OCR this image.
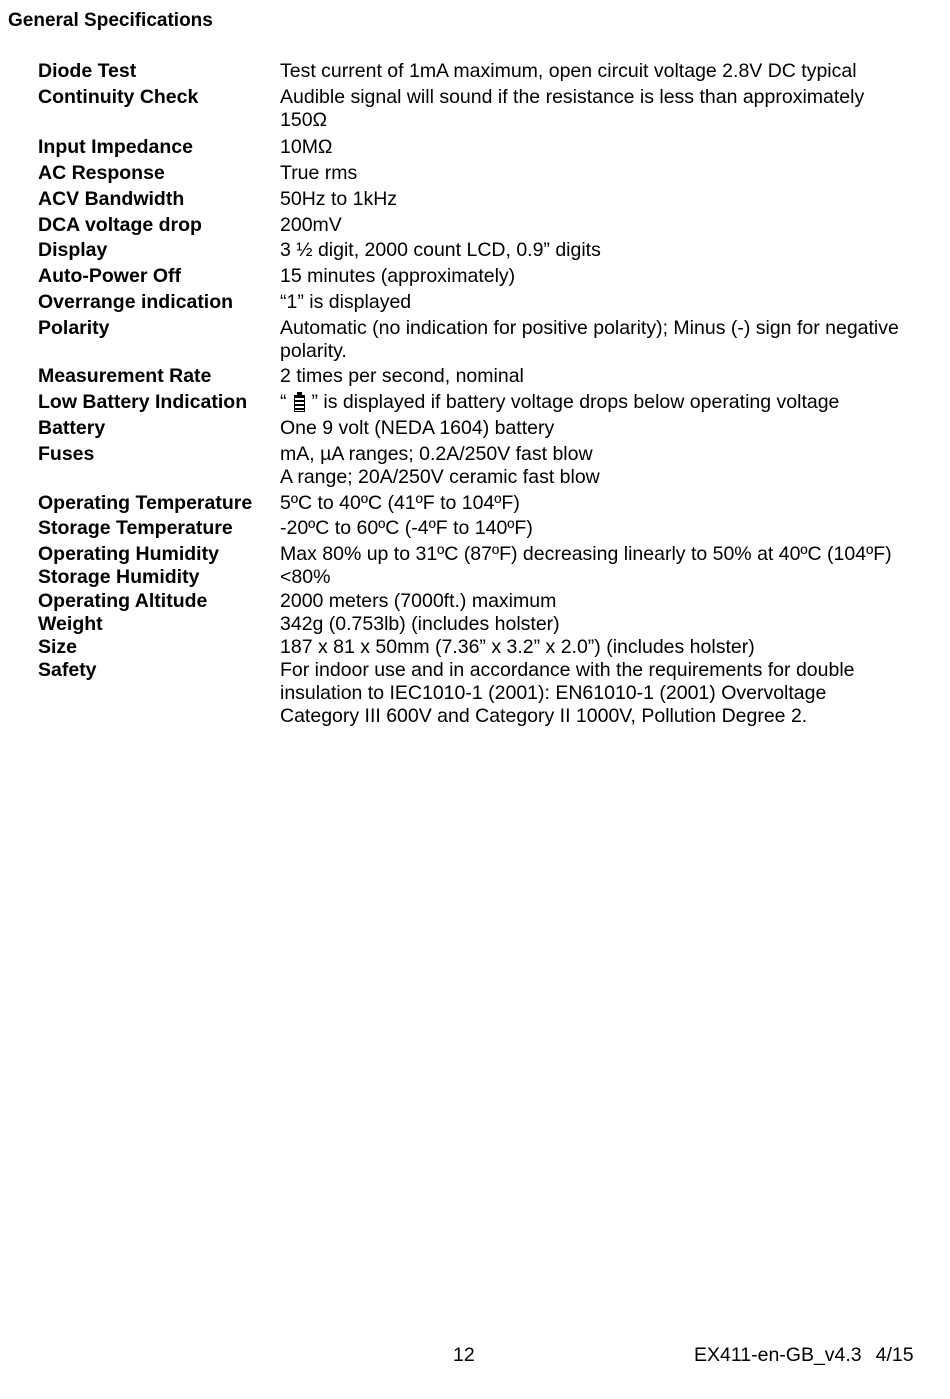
General Specifications
Diode Test	Test current of 1mA maximum, open circuit voltage 2.8V DC typical
Continuity Check	Audible signal will sound if the resistance is less than approximately
150Ω
Input Impedance	10MΩ
AC Response	True rms
ACV Bandwidth	50Hz to 1kHz
DCA voltage drop	200mV
Display	3 ½ digit, 2000 count LCD, 0.9” digits
Auto-Power Off	15 minutes (approximately)
Overrange indication	“1” is displayed
Polarity	Automatic (no indication for positive polarity); Minus (-) sign for negative
polarity.
Measurement Rate	2 times per second, nominal
Low Battery Indication	“ ” is displayed if battery voltage drops below operating voltage
Battery	One 9 volt (NEDA 1604) battery
Fuses	mA, µA ranges; 0.2A/250V fast blow
A range; 20A/250V ceramic fast blow
Operating Temperature	5ºC to 40ºC (41ºF to 104ºF)
Storage Temperature	-20ºC to 60ºC (-4ºF to 140ºF)
Operating Humidity	Max 80% up to 31ºC (87ºF) decreasing linearly to 50% at 40ºC (104ºF)
Storage Humidity	<80%
Operating Altitude	2000 meters (7000ft.) maximum
Weight	342g (0.753lb) (includes holster)
Size	187 x 81 x 50mm (7.36” x 3.2” x 2.0”) (includes holster)
Safety	For indoor use and in accordance with the requirements for double
insulation to IEC1010-1 (2001): EN61010-1 (2001) Overvoltage
Category III 600V and Category II 1000V, Pollution Degree 2.
12	EX411-en-GB_v4.3 4/15
